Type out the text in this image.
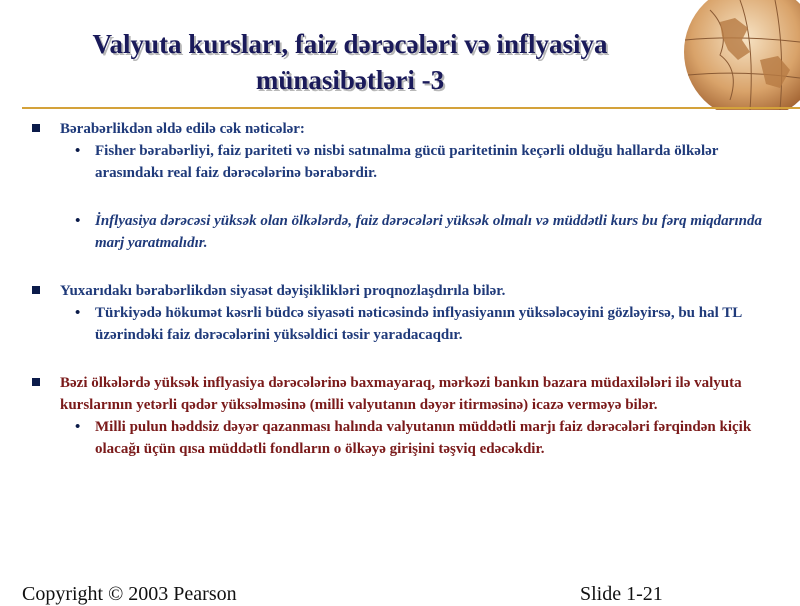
Valyuta kursları, faiz dərəcələri və inflyasiya
münasibətləri -3
Bərabərlikdən əldə edilə cək nəticələr:
• Fisher bərabərliyi, faiz pariteti və nisbi satınalma gücü paritetinin keçərli olduğu hallarda ölkələr arasındakı real faiz dərəcələrinə bərabərdir.
• İnflyasiya dərəcəsi yüksək olan ölkələrdə, faiz dərəcələri yüksək olmalı və müddətli kurs bu fərq miqdarında marj yaratmalıdır.
Yuxarıdakı bərabərlikdən siyasət dəyişiklikləri proqnozlaşdırıla bilər.
• Türkiyədə hökumət kəsrli büdcə siyasəti nəticəsində inflyasiyanın yüksələcəyini gözləyirsə, bu hal TL üzərindəki faiz dərəcələrini yüksəldici təsir yaradacaqdır.
Bəzi ölkələrdə yüksək inflyasiya dərəcələrinə baxmayaraq, mərkəzi bankın bazara müdaxilələri ilə valyuta kurslarının yetərli qədər yüksəlməsinə (milli valyutanın dəyər itirməsinə) icazə verməyə bilər.
• Milli pulun həddsiz dəyər qazanması halında valyutanın müddətli marjı faiz dərəcələri fərqindən kiçik olacağı üçün qısa müddətli fondların o ölkəyə girişini təşviq edəcəkdir.
Copyright © 2003 Pearson	Slide 1-21
